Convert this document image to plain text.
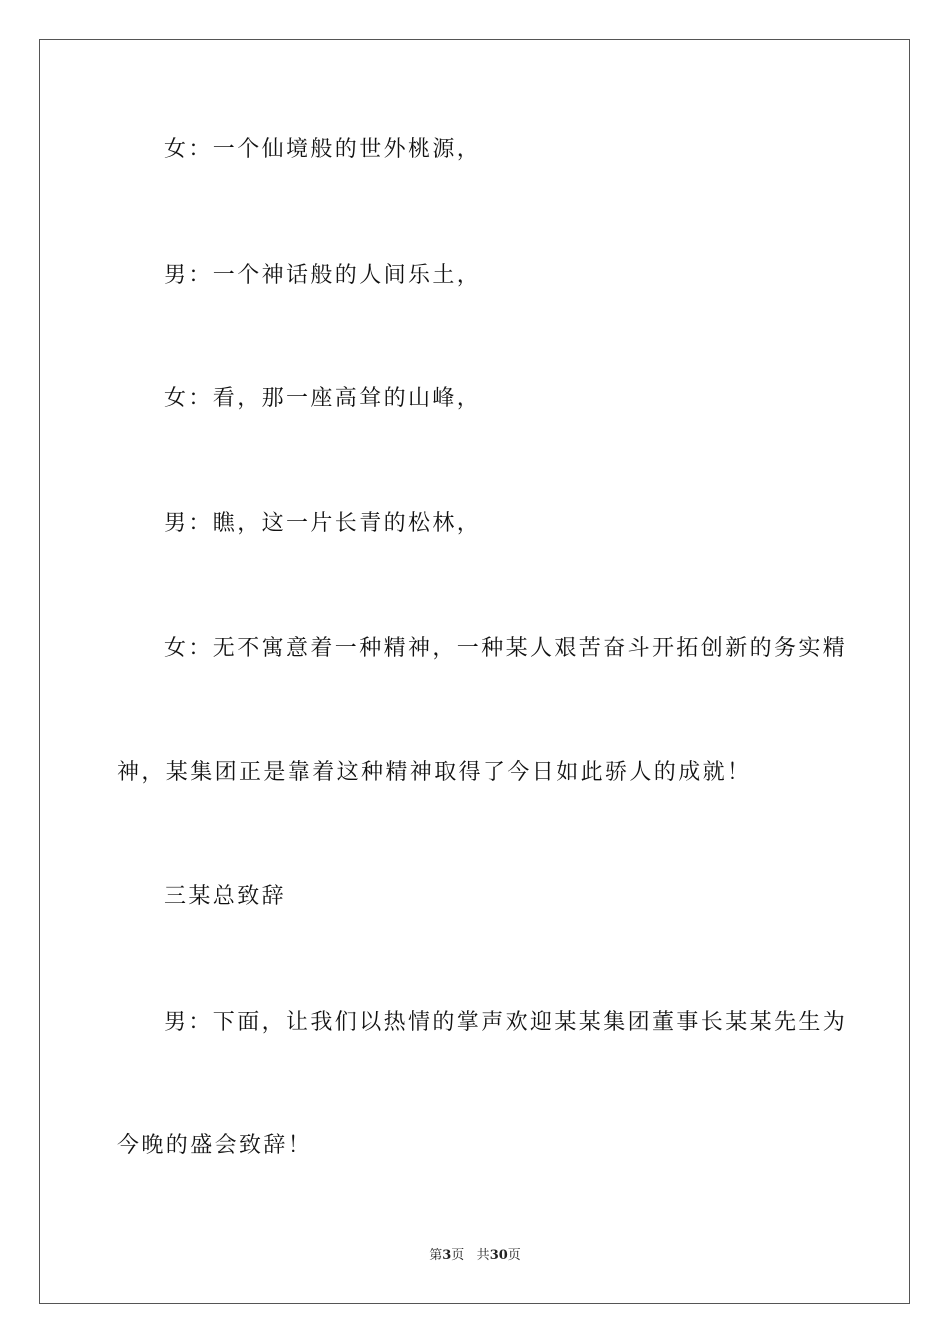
女：一个仙境般的世外桃源，
男：一个神话般的人间乐土，
女：看，那一座高耸的山峰，
男：瞧，这一片长青的松林，
女：无不寓意着一种精神，一种某人艰苦奋斗开拓创新的务实精
神，某集团正是靠着这种精神取得了今日如此骄人的成就！
三某总致辞
男：下面，让我们以热情的掌声欢迎某某集团董事长某某先生为
今晚的盛会致辞！
第3页 共30页
